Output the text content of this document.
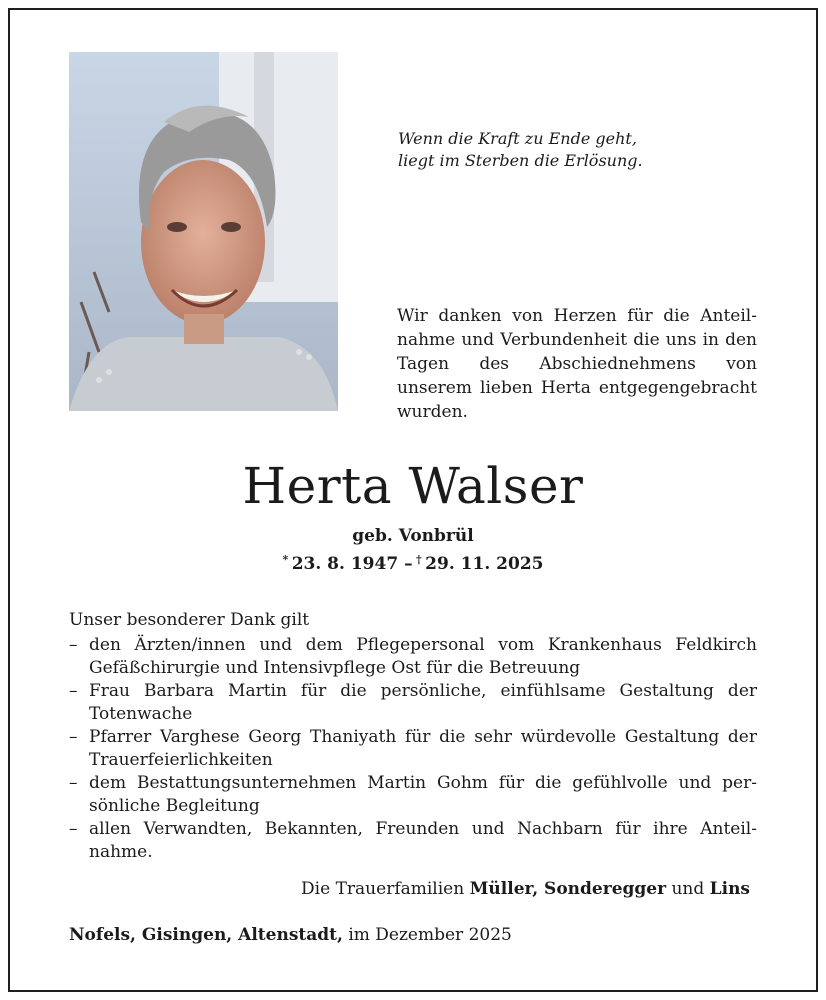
Wenn die Kraft zu Ende geht,
liegt im Sterben die Erlösung.
Wir danken von Herzen für die Anteilnahme und Verbundenheit die uns in den Tagen des Abschiednehmens von unserem lieben Herta entgegengebracht wurden.
Herta Walser
geb. Vonbrül
*  23. 8. 1947 –  †  29. 11. 2025
Unser besonderer Dank gilt
– den Ärzten/innen und dem Pflegepersonal vom Krankenhaus Feldkirch Gefäßchirurgie und Intensivpflege Ost für die Betreuung
– Frau Barbara Martin für die persönliche, einfühlsame Gestaltung der Totenwache
– Pfarrer Varghese Georg Thaniyath für die sehr würdevolle Gestaltung der Trauerfeierlichkeiten
– dem Bestattungsunternehmen Martin Gohm für die gefühlvolle und persönliche Begleitung
– allen Verwandten, Bekannten, Freunden und Nachbarn für ihre Anteilnahme.
Die Trauerfamilien Müller, Sonderegger und Lins
Nofels, Gisingen, Altenstadt, im Dezember 2025
